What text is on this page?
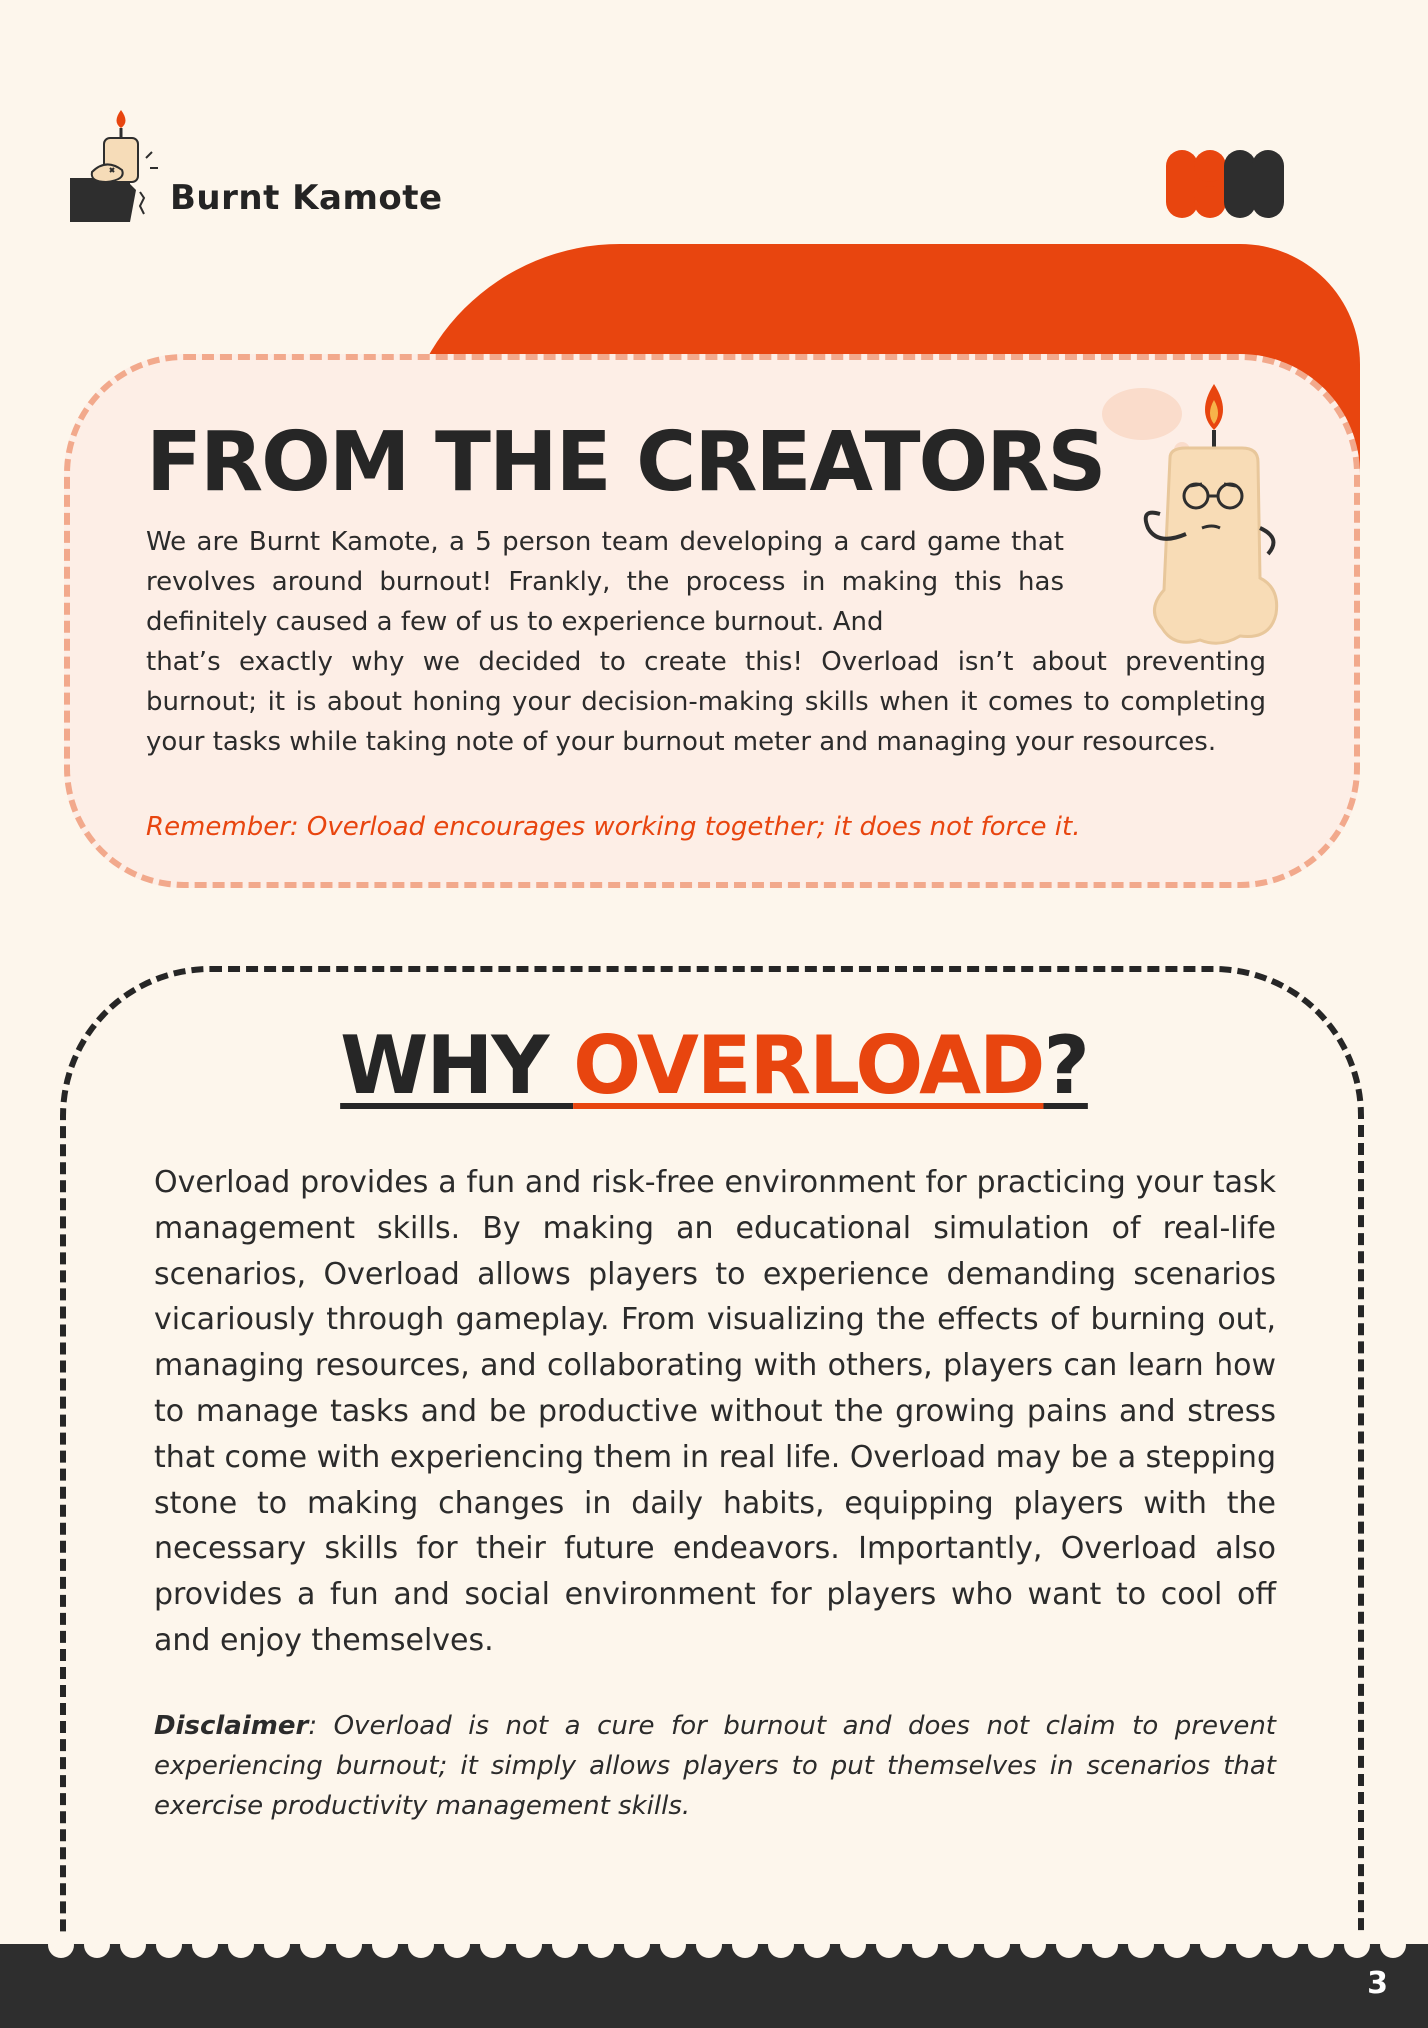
Burnt Kamote
FROM THE CREATORS

We are Burnt Kamote, a 5 person team developing a card game that revolves around burnout! Frankly, the process in making this has definitely caused a few of us to experience burnout. And
that’s exactly why we decided to create this! Overload isn’t about preventing burnout; it is about honing your decision-making skills when it comes to completing your tasks while taking note of your burnout meter and managing your resources.

Remember: Overload encourages working together; it does not force it.

WHY OVERLOAD?

Overload provides a fun and risk-free environment for practicing your task management skills. By making an educational simulation of real-life scenarios, Overload allows players to experience demanding scenarios vicariously through gameplay. From visualizing the effects of burning out, managing resources, and collaborating with others, players can learn how to manage tasks and be productive without the growing pains and stress that come with experiencing them in real life. Overload may be a stepping stone to making changes in daily habits, equipping players with the necessary skills for their future endeavors. Importantly, Overload also provides a fun and social environment for players who want to cool off and enjoy themselves.

Disclaimer: Overload is not a cure for burnout and does not claim to prevent experiencing burnout; it simply allows players to put themselves in scenarios that exercise productivity management skills.

3
